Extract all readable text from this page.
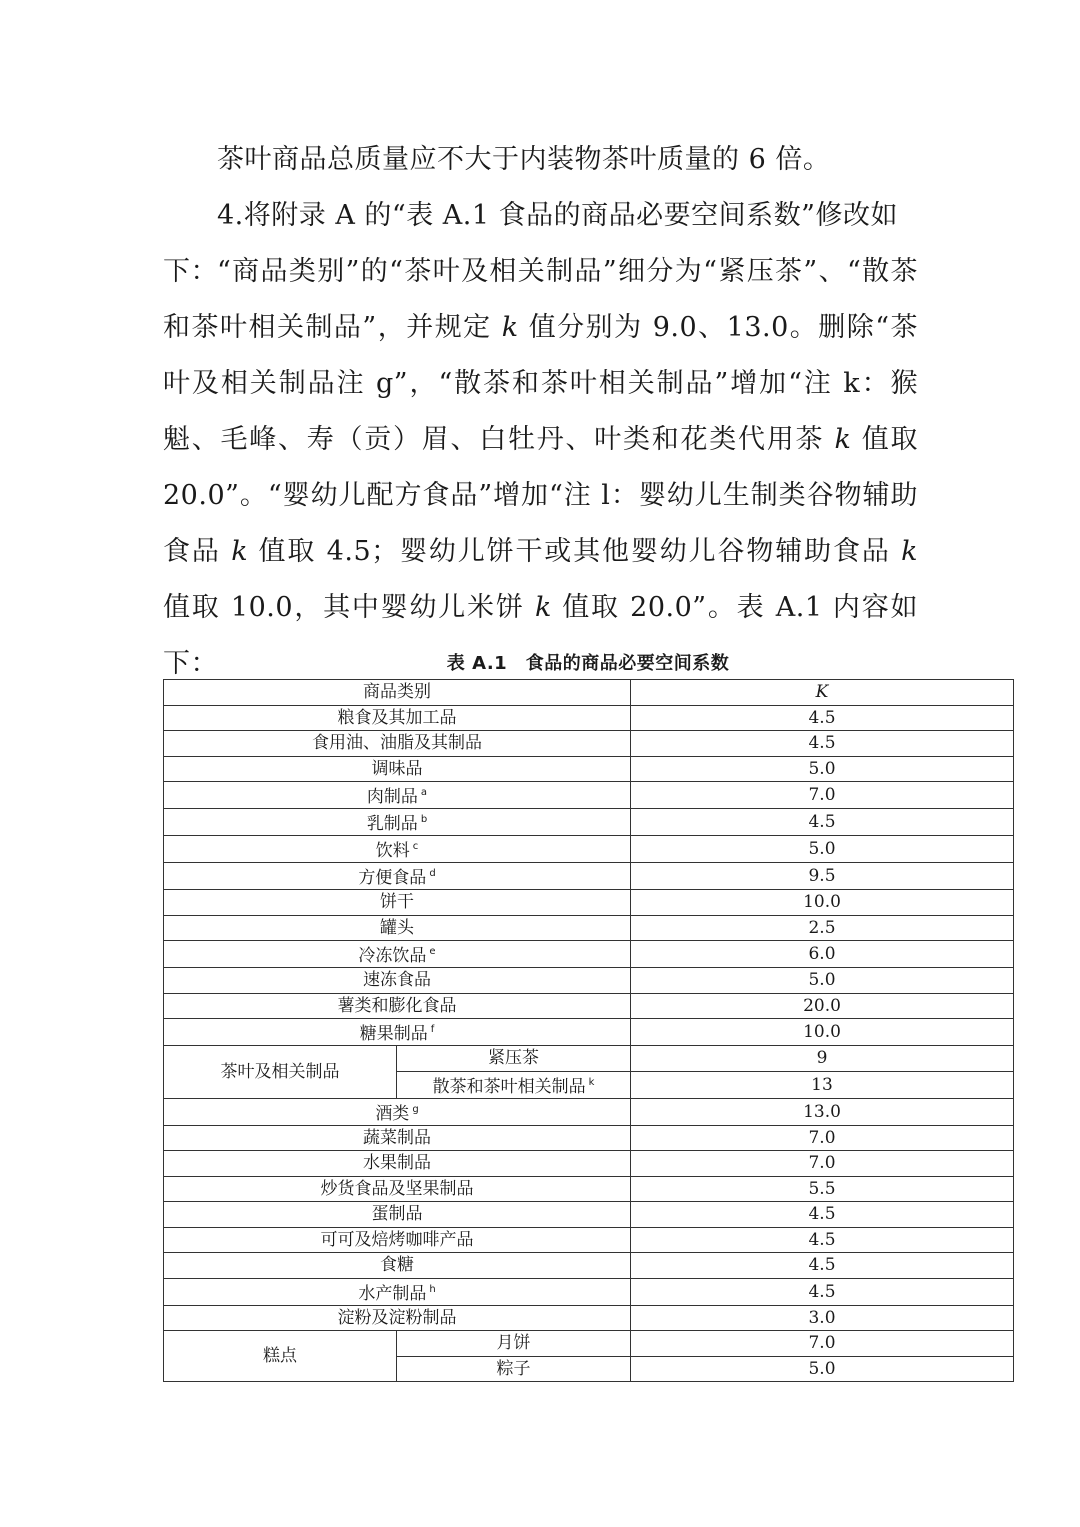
茶叶商品总质量应不大于内装物茶叶质量的 6 倍。

4.将附录 A 的“表 A.1 食品的商品必要空间系数”修改如下： “商品类别”的“茶叶及相关制品”细分为“紧压茶”、“散茶和茶叶相关制品”，并规定 k 值分别为 9.0、13.0。删除“茶叶及相关制品注 g”，“散茶和茶叶相关制品”增加“注 k：猴魁、毛峰、寿（贡）眉、白牡丹、叶类和花类代用茶 k 值取 20.0”。“婴幼儿配方食品”增加“注 l：婴幼儿生制类谷物辅助食品 k 值取 4.5；婴幼儿饼干或其他婴幼儿谷物辅助食品 k 值取 10.0，其中婴幼儿米饼 k 值取 20.0”。表 A.1 内容如下：	表 A.1　食品的商品必要空间系数
商品类别		K
粮食及其加工品		4.5
食用油、油脂及其制品		4.5
调味品		5.0
肉制品 $^a$		7.0
乳制品 $^b$		4.5
饮料 $^c$		5.0
方便食品 $^d$		9.5
饼干		10.0
罐头		2.5
冷冻饮品 $^e$		6.0
速冻食品		5.0
薯类和膨化食品		20.0
糖果制品 $^f$		10.0
茶叶及相关制品	紧压茶	9
	散茶和茶叶相关制品 $^k$	13
酒类 $^g$		13.0
蔬菜制品		7.0
水果制品		7.0
炒货食品及坚果制品		5.5
蛋制品		4.5
可可及焙烤咖啡产品		4.5
食糖		4.5
水产制品 $^h$		4.5
淀粉及淀粉制品		3.0
糕点	月饼	7.0
	粽子	5.0
